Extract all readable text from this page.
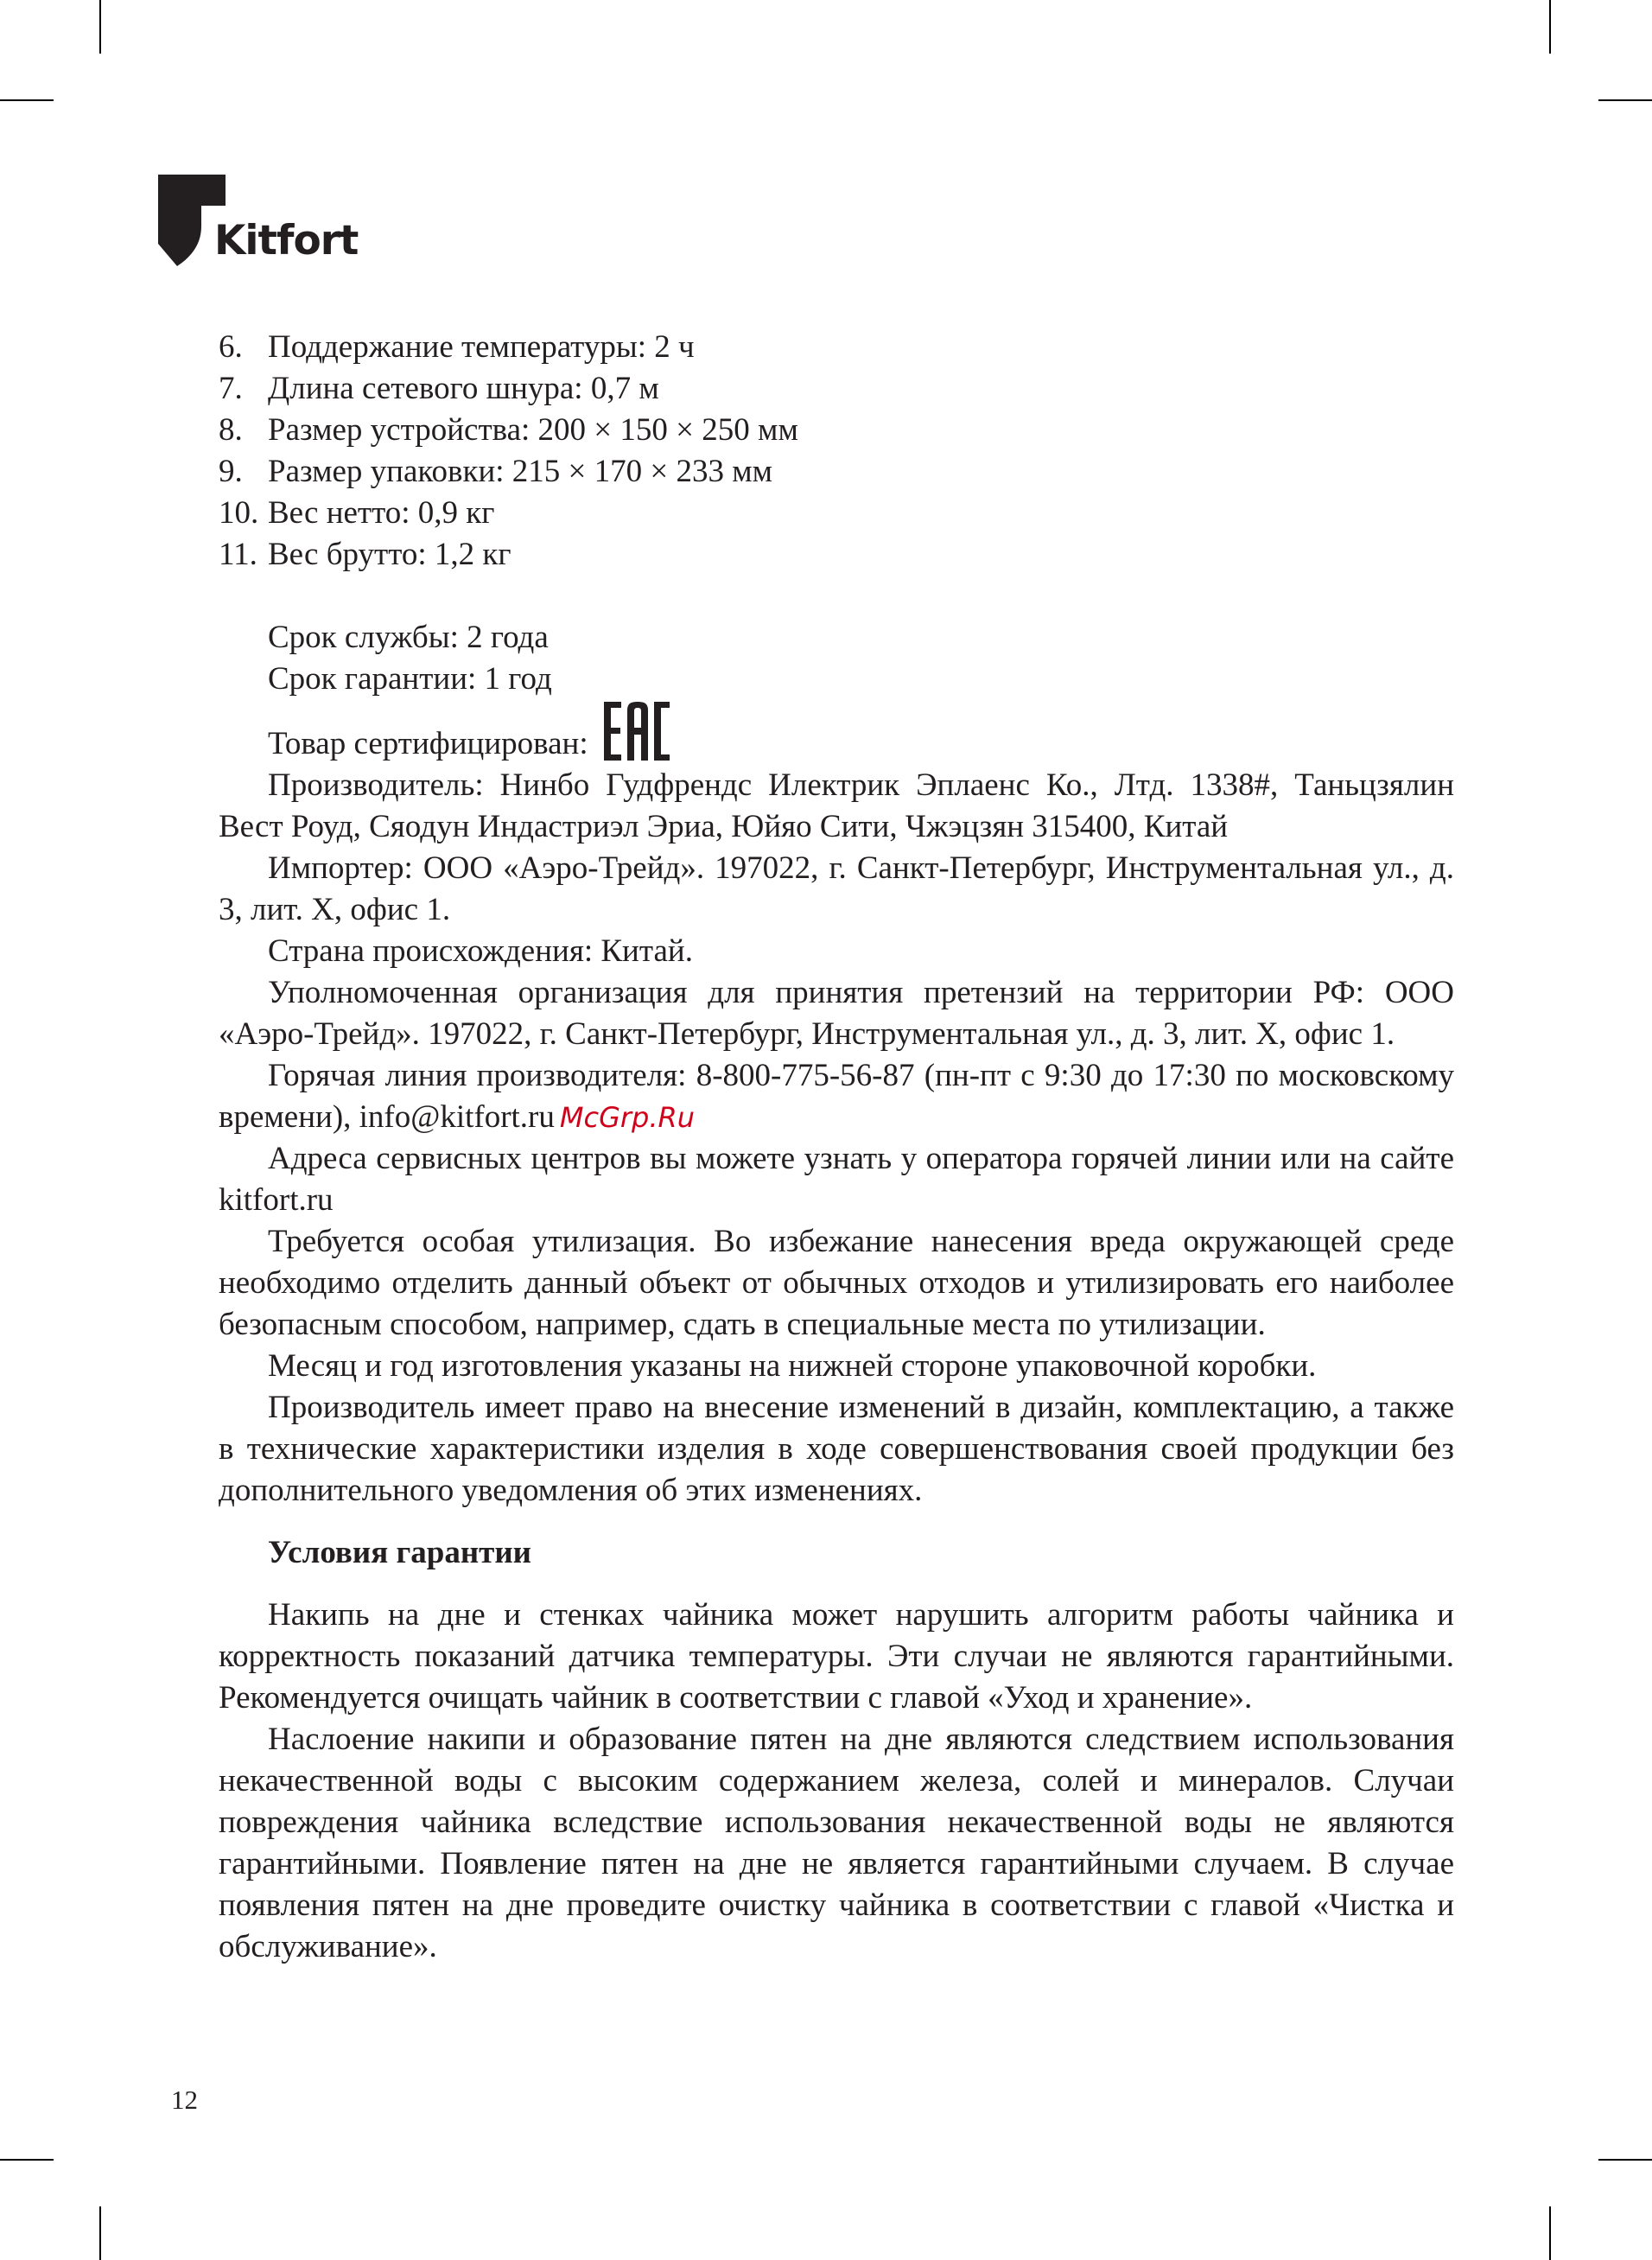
Kitfort
6. Поддержание температуры: 2 ч
7. Длина сетевого шнура: 0,7 м
8. Размер устройства: 200 × 150 × 250 мм
9. Размер упаковки: 215 × 170 × 233 мм
10. Вес нетто: 0,9 кг
11. Вес брутто: 1,2 кг

Срок службы: 2 года

Срок гарантии: 1 год

Товар сертифицирован:

Производитель: Нинбо Гудфрендс Илектрик Эплаенс Ко., Лтд. 1338#, Таньцзялин Вест Роуд, Сяодун Индастриэл Эриа, Юйяо Сити, Чжэцзян 315400, Китай

Импортер: ООО «Аэро-Трейд». 197022, г. Санкт-Петербург, Инструментальная ул., д. 3, лит. Х, офис 1.

Страна происхождения: Китай.

Уполномоченная организация для принятия претензий на территории РФ: ООО «Аэро-Трейд». 197022, г. Санкт-Петербург, Инструментальная ул., д. 3, лит. Х, офис 1.

Горячая линия производителя: 8-800-775-56-87 (пн-пт с 9:30 до 17:30 по московскому времени), info@kitfort.ru McGrp.Ru

Адреса сервисных центров вы можете узнать у оператора горячей линии или на сайте kitfort.ru

Требуется особая утилизация. Во избежание нанесения вреда окружающей среде необходимо отделить данный объект от обычных отходов и утилизировать его наиболее безопасным способом, например, сдать в специальные места по утилизации.

Месяц и год изготовления указаны на нижней стороне упаковочной коробки.

Производитель имеет право на внесение изменений в дизайн, комплектацию, а также в технические характеристики изделия в ходе совершенствования своей продукции без дополнительного уведомления об этих изменениях.

Условия гарантии

Накипь на дне и стенках чайника может нарушить алгоритм работы чайника и корректность показаний датчика температуры. Эти случаи не являются гарантийными. Рекомендуется очищать чайник в соответствии с главой «Уход и хранение».

Наслоение накипи и образование пятен на дне являются следствием использования некачественной воды с высоким содержанием железа, солей и минералов. Случаи повреждения чайника вследствие использования некачественной воды не являются гарантийными. Появление пятен на дне не является гарантийными случаем. В случае появления пятен на дне проведите очистку чайника в соответствии с главой «Чистка и обслуживание».

12
